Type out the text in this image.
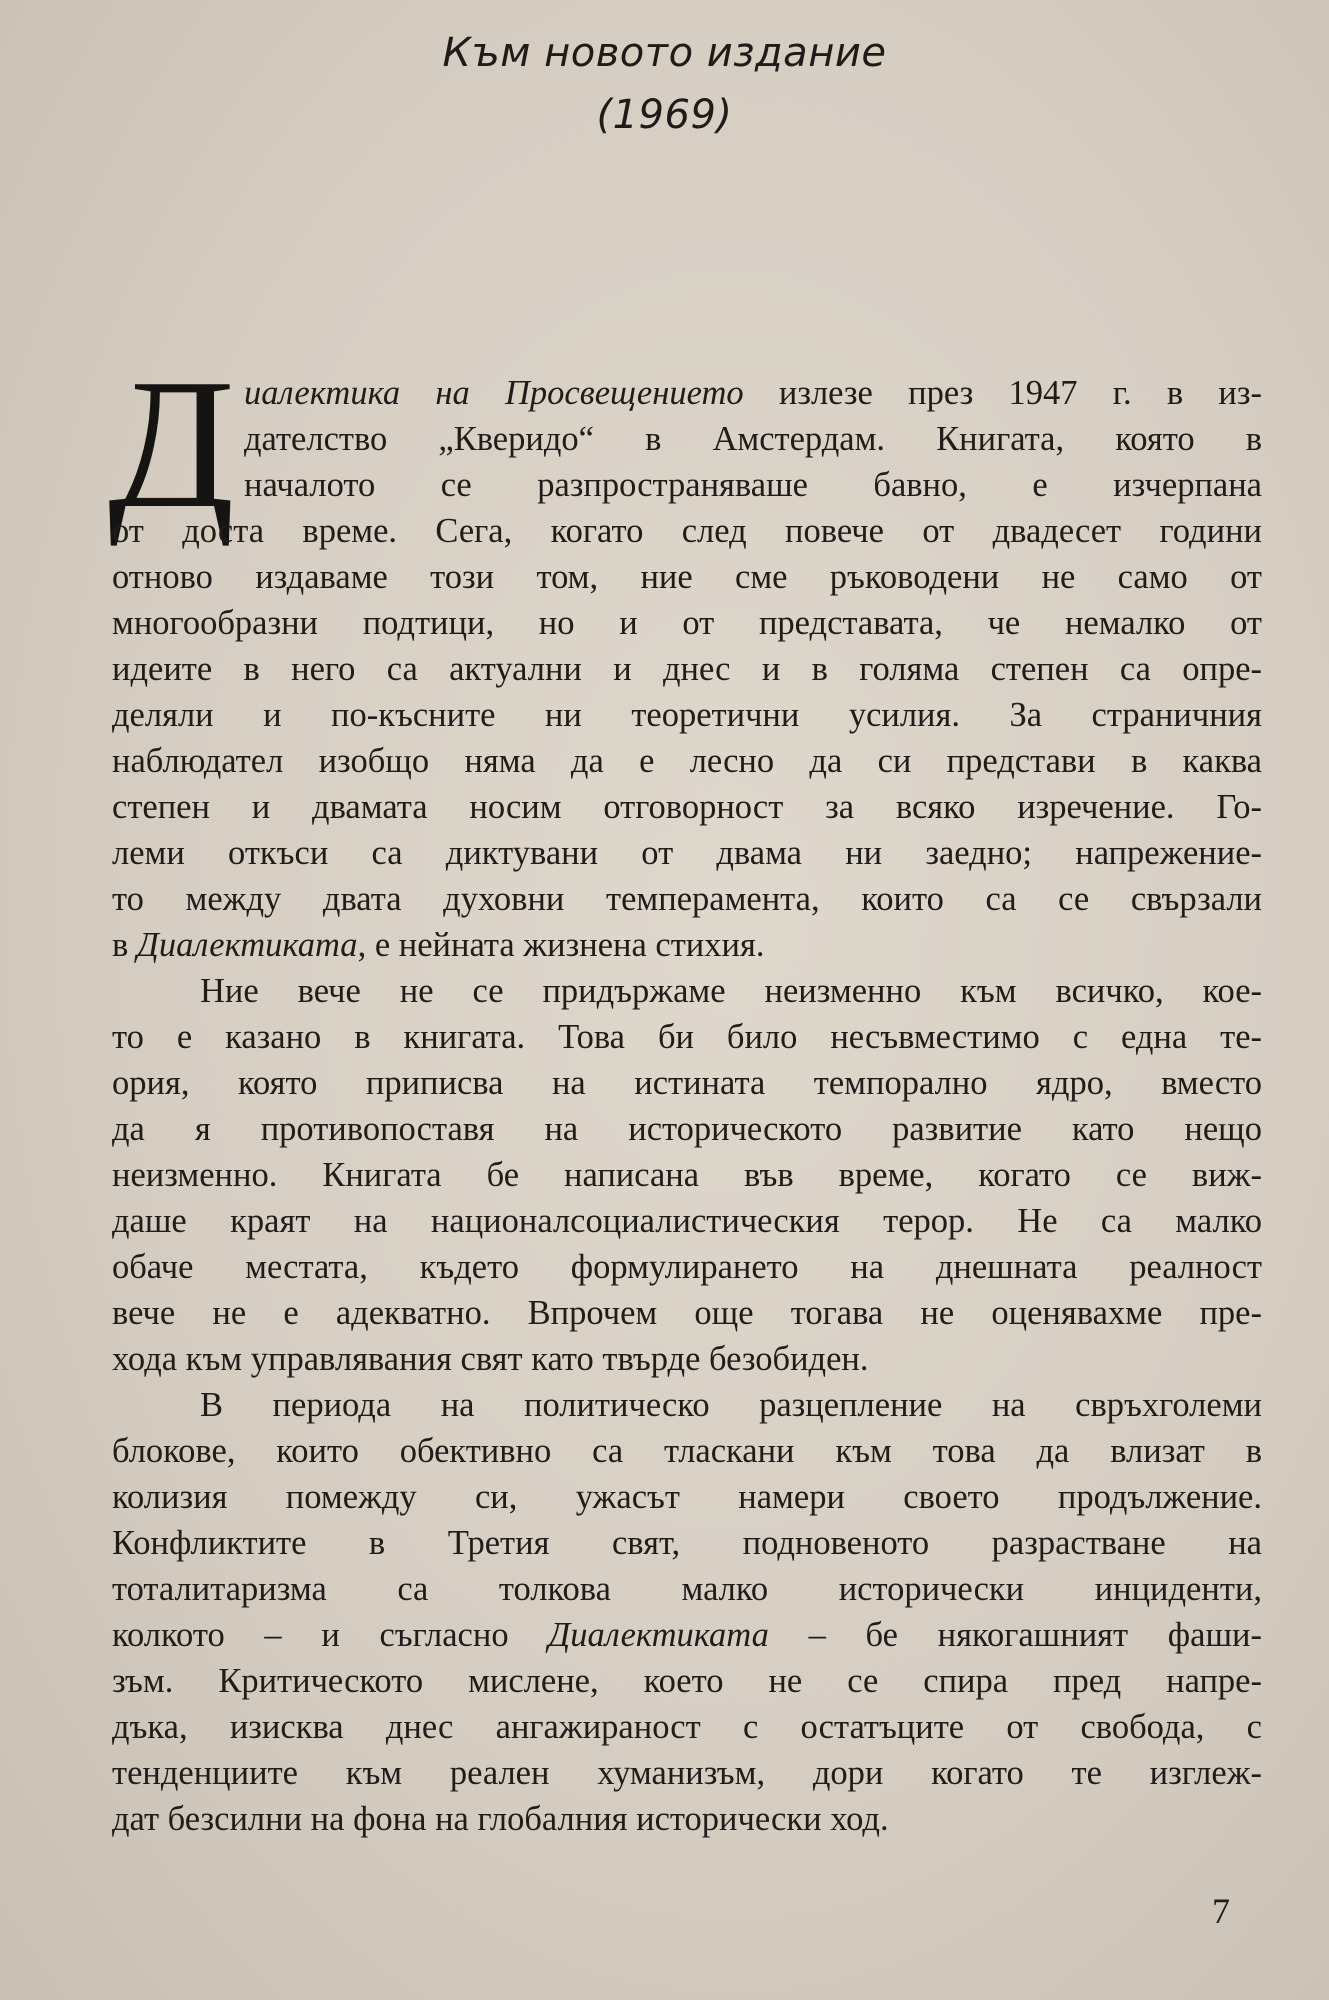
Към новото издание
(1969)
Д иалектика на Просвещението излезе през 1947 г. в из-
дателство „Кверидо“ в Амстердам. Книгата, която в
началото се разпространяваше бавно, е изчерпана
от доста време. Сега, когато след повече от двадесет години
отново издаваме този том, ние сме ръководени не само от
многообразни подтици, но и от представата, че немалко от
идеите в него са актуални и днес и в голяма степен са опре-
деляли и по-късните ни теоретични усилия. За страничния
наблюдател изобщо няма да е лесно да си представи в каква
степен и двамата носим отговорност за всяко изречение. Го-
леми откъси са диктувани от двама ни заедно; напрежение-
то между двата духовни темперамента, които са се свързали
в Диалектиката, е нейната жизнена стихия.
Ние вече не се придържаме неизменно към всичко, кое-
то е казано в книгата. Това би било несъвместимо с една те-
ория, която приписва на истината темпорално ядро, вместо
да я противопоставя на историческото развитие като нещо
неизменно. Книгата бе написана във време, когато се виж-
даше краят на националсоциалистическия терор. Не са малко
обаче местата, където формулирането на днешната реалност
вече не е адекватно. Впрочем още тогава не оценявахме пре-
хода към управлявания свят като твърде безобиден.
В периода на политическо разцепление на свръхголеми
блокове, които обективно са тласкани към това да влизат в
колизия помежду си, ужасът намери своето продължение.
Конфликтите в Третия свят, подновеното разрастване на
тоталитаризма са толкова малко исторически инциденти,
колкото – и съгласно Диалектиката – бе някогашният фаши-
зъм. Критическото мислене, което не се спира пред напре-
дъка, изисква днес ангажираност с остатъците от свобода, с
тенденциите към реален хуманизъм, дори когато те изглеж-
дат безсилни на фона на глобалния исторически ход.
7
